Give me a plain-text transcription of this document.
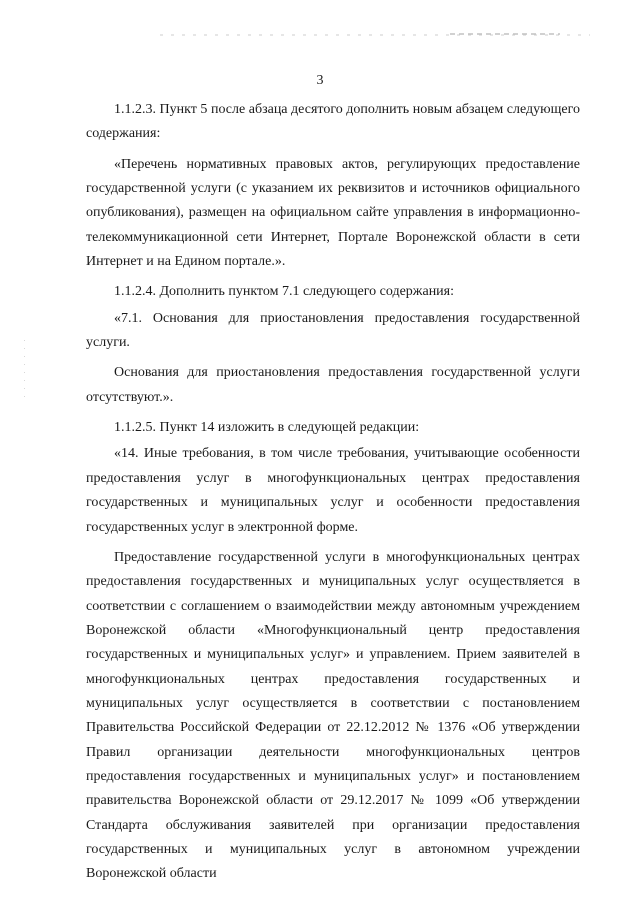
3

1.1.2.3. Пункт 5 после абзаца десятого дополнить новым абзацем следующего содержания:

«Перечень нормативных правовых актов, регулирующих предоставление государственной услуги (с указанием их реквизитов и источников официального опубликования), размещен на официальном сайте управления в информационно-телекоммуникационной сети Интернет, Портале Воронежской области в сети Интернет и на Едином портале.».

1.1.2.4. Дополнить пунктом 7.1 следующего содержания:

«7.1. Основания для приостановления предоставления государственной услуги.

Основания для приостановления предоставления государственной услуги отсутствуют.».

1.1.2.5. Пункт 14 изложить в следующей редакции:

«14. Иные требования, в том числе требования, учитывающие особенности предоставления услуг в многофункциональных центрах предоставления государственных и муниципальных услуг и особенности предоставления государственных услуг в электронной форме.

Предоставление государственной услуги в многофункциональных центрах предоставления государственных и муниципальных услуг осуществляется в соответствии с соглашением о взаимодействии между автономным учреждением Воронежской области «Многофункциональный центр предоставления государственных и муниципальных услуг» и управлением. Прием заявителей в многофункциональных центрах предоставления государственных и муниципальных услуг осуществляется в соответствии с постановлением Правительства Российской Федерации от 22.12.2012 № 1376 «Об утверждении Правил организации деятельности многофункциональных центров предоставления государственных и муниципальных услуг» и постановлением правительства Воронежской области от 29.12.2017 № 1099 «Об утверждении Стандарта обслуживания заявителей при организации предоставления государственных и муниципальных услуг в автономном учреждении Воронежской области
